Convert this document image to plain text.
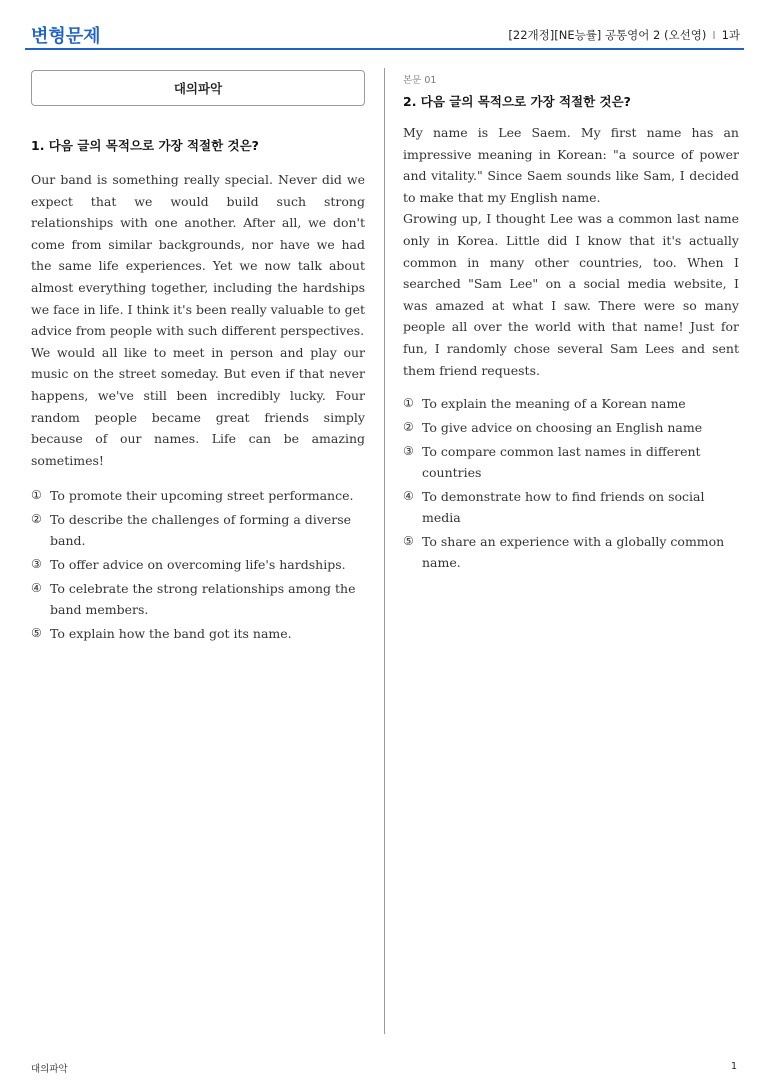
변형문제	[22개정][NE능률] 공통영어 2 (오선영) I 1과
대의파악
1. 다음 글의 목적으로 가장 적절한 것은?

Our band is something really special. Never did we expect that we would build such strong relationships with one another. After all, we don't come from similar backgrounds, nor have we had the same life experiences. Yet we now talk about almost everything together, including the hardships we face in life. I think it's been really valuable to get advice from people with such different perspectives.

We would all like to meet in person and play our music on the street someday. But even if that never happens, we've still been incredibly lucky. Four random people became great friends simply because of our names. Life can be amazing sometimes!

① To promote their upcoming street performance.
② To describe the challenges of forming a diverse band.
③ To offer advice on overcoming life's hardships.
④ To celebrate the strong relationships among the band members.
⑤ To explain how the band got its name.
본문 01
2. 다음 글의 목적으로 가장 적절한 것은?

My name is Lee Saem. My first name has an impressive meaning in Korean: "a source of power and vitality." Since Saem sounds like Sam, I decided to make that my English name.

Growing up, I thought Lee was a common last name only in Korea. Little did I know that it's actually common in many other countries, too. When I searched "Sam Lee" on a social media website, I was amazed at what I saw. There were so many people all over the world with that name! Just for fun, I randomly chose several Sam Lees and sent them friend requests.

① To explain the meaning of a Korean name
② To give advice on choosing an English name
③ To compare common last names in different countries
④ To demonstrate how to find friends on social media
⑤ To share an experience with a globally common name.
대의파악	1
